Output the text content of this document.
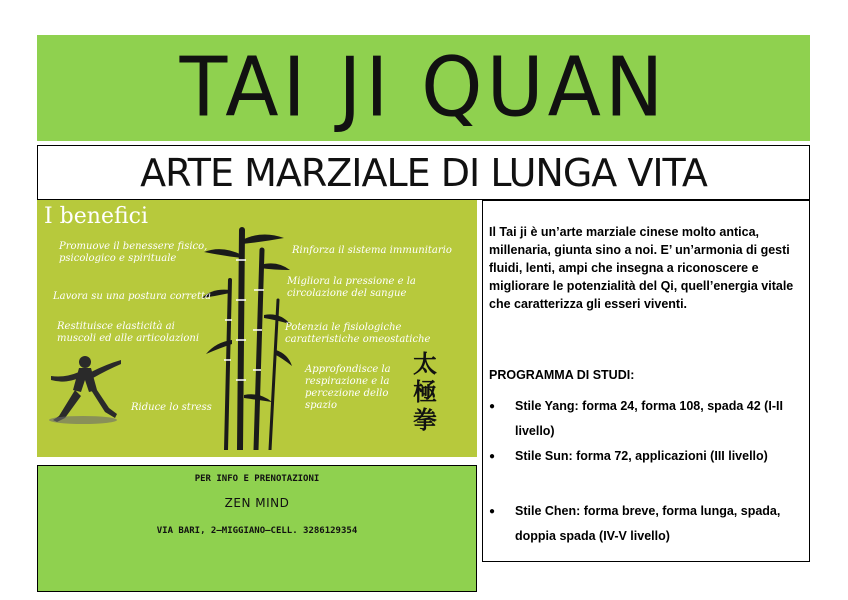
TAI JI QUAN
ARTE MARZIALE DI LUNGA VITA
I benefici
Promuove il benessere fisico, psicologico e spirituale
Rinforza il sistema immunitario
Migliora la pressione e la circolazione del sangue
Lavora su una postura corretta
Restituisce elasticità ai muscoli ed alle articolazioni
Potenzia le fisiologiche caratteristiche omeostatiche
Approfondisce la respirazione e la percezione dello spazio
Riduce lo stress
太極拳
PER INFO E PRENOTAZIONI
ZEN MIND
VIA BARI, 2—MIGGIANO—CELL. 3286129354
Il Tai ji è un’arte marziale cinese molto antica, millenaria, giunta sino a noi. E’ un’armonia di gesti fluidi, lenti, ampi che insegna a riconoscere e migliorare le potenzialità del Qi, quell’energia vitale che caratterizza gli esseri viventi.
PROGRAMMA DI STUDI:
● Stile Yang: forma 24, forma 108, spada 42 (I-II livello)
● Stile Sun: forma 72, applicazioni (III livello)
● Stile Chen: forma breve, forma lunga, spada, doppia spada (IV-V livello)
